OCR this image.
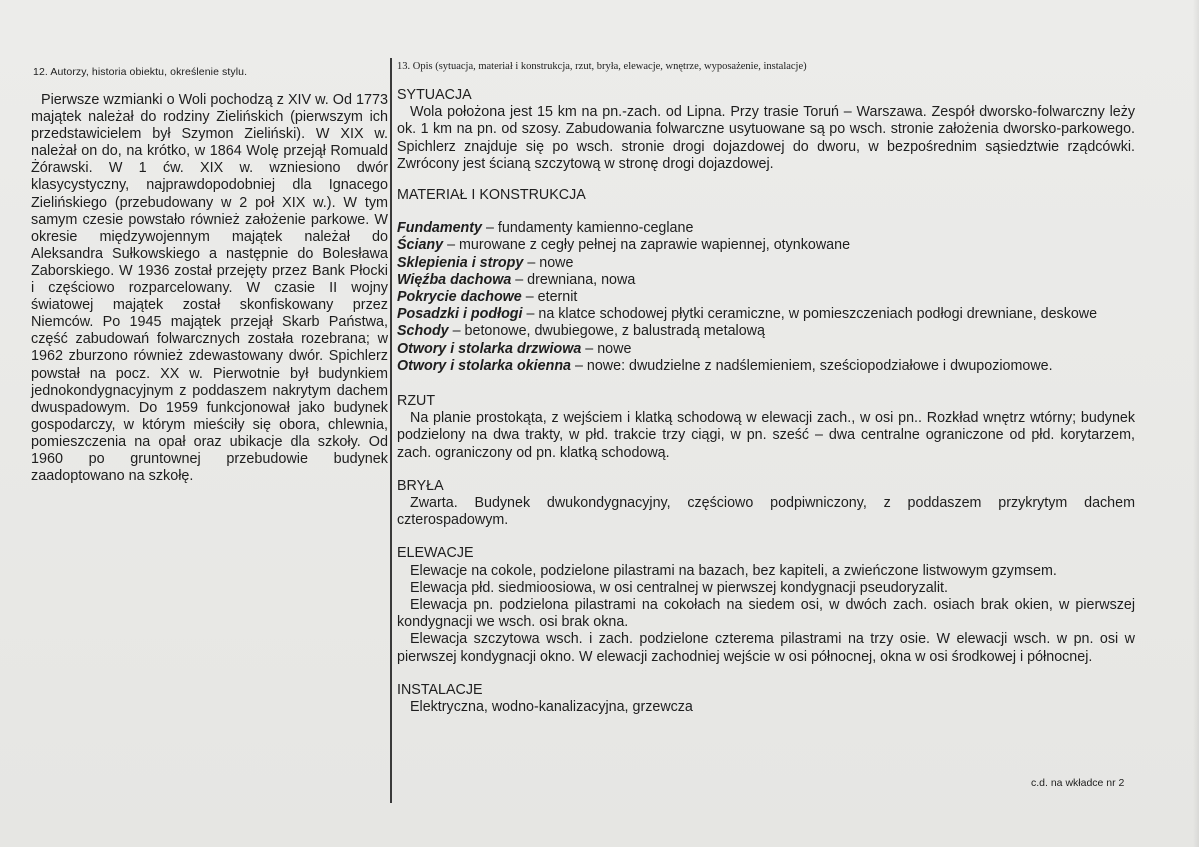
12. Autorzy, historia obiektu, określenie stylu.	13. Opis (sytuacja, materiał i konstrukcja, rzut, bryła, elewacje, wnętrze, wyposażenie, instalacje)

Pierwsze wzmianki o Woli pochodzą z XIV w. Od 1773 majątek należał do rodziny Zielińskich (pierwszym ich przedstawicielem był Szymon Zieliński). W XIX w. należał on do, na krótko, w 1864 Wolę przejął Romuald Żórawski. W 1 ćw. XIX w. wzniesiono dwór klasycystyczny, najprawdopodobniej dla Ignacego Zielińskiego (przebudowany w 2 poł XIX w.). W tym samym czesie powstało również założenie parkowe. W okresie międzywojennym majątek należał do Aleksandra Sułkowskiego a następnie do Bolesława Zaborskiego. W 1936 został przejęty przez Bank Płocki i częściowo rozparcelowany. W czasie II wojny światowej majątek został skonfiskowany przez Niemców. Po 1945 majątek przejął Skarb Państwa, część zabudowań folwarcznych została rozebrana; w 1962 zburzono również zdewastowany dwór. Spichlerz powstał na pocz. XX w. Pierwotnie był budynkiem jednokondygnacyjnym z poddaszem nakrytym dachem dwuspadowym. Do 1959 funkcjonował jako budynek gospodarczy, w którym mieściły się obora, chlewnia, pomieszczenia na opał oraz ubikacje dla szkoły. Od 1960 po gruntownej przebudowie budynek zaadoptowano na szkołę.

SYTUACJA

Wola położona jest 15 km na pn.-zach. od Lipna. Przy trasie Toruń – Warszawa. Zespół dworsko-folwarczny leży ok. 1 km na pn. od szosy. Zabudowania folwarczne usytuowane są po wsch. stronie założenia dworsko-parkowego. Spichlerz znajduje się po wsch. stronie drogi dojazdowej do dworu, w bezpośrednim sąsiedztwie rządcówki. Zwrócony jest ścianą szczytową w stronę drogi dojazdowej.

MATERIAŁ I KONSTRUKCJA

Fundamenty – fundamenty kamienno-ceglane
Ściany – murowane z cegły pełnej na zaprawie wapiennej, otynkowane
Sklepienia i stropy – nowe
Więźba dachowa – drewniana, nowa
Pokrycie dachowe – eternit
Posadzki i podłogi – na klatce schodowej płytki ceramiczne, w pomieszczeniach podłogi drewniane, deskowe
Schody – betonowe, dwubiegowe, z balustradą metalową
Otwory i stolarka drzwiowa – nowe
Otwory i stolarka okienna – nowe: dwudzielne z nadślemieniem, sześciopodziałowe i dwupoziomowe.

RZUT

Na planie prostokąta, z wejściem i klatką schodową w elewacji zach., w osi pn.. Rozkład wnętrz wtórny; budynek podzielony na dwa trakty, w płd. trakcie trzy ciągi, w pn. sześć – dwa centralne ograniczone od płd. korytarzem, zach. ograniczony od pn. klatką schodową.

BRYŁA

Zwarta. Budynek dwukondygnacyjny, częściowo podpiwniczony, z poddaszem przykrytym dachem czterospadowym.

ELEWACJE

Elewacje na cokole, podzielone pilastrami na bazach, bez kapiteli, a zwieńczone listwowym gzymsem.

Elewacja płd. siedmioosiowa, w osi centralnej w pierwszej kondygnacji pseudoryzalit.

Elewacja pn. podzielona pilastrami na cokołach na siedem osi, w dwóch zach. osiach brak okien, w pierwszej kondygnacji we wsch. osi brak okna.

Elewacja szczytowa wsch. i zach. podzielone czterema pilastrami na trzy osie. W elewacji wsch. w pn. osi w pierwszej kondygnacji okno. W elewacji zachodniej wejście w osi północnej, okna w osi środkowej i północnej.

INSTALACJE

Elektryczna, wodno-kanalizacyjna, grzewcza

c.d. na wkładce nr 2
